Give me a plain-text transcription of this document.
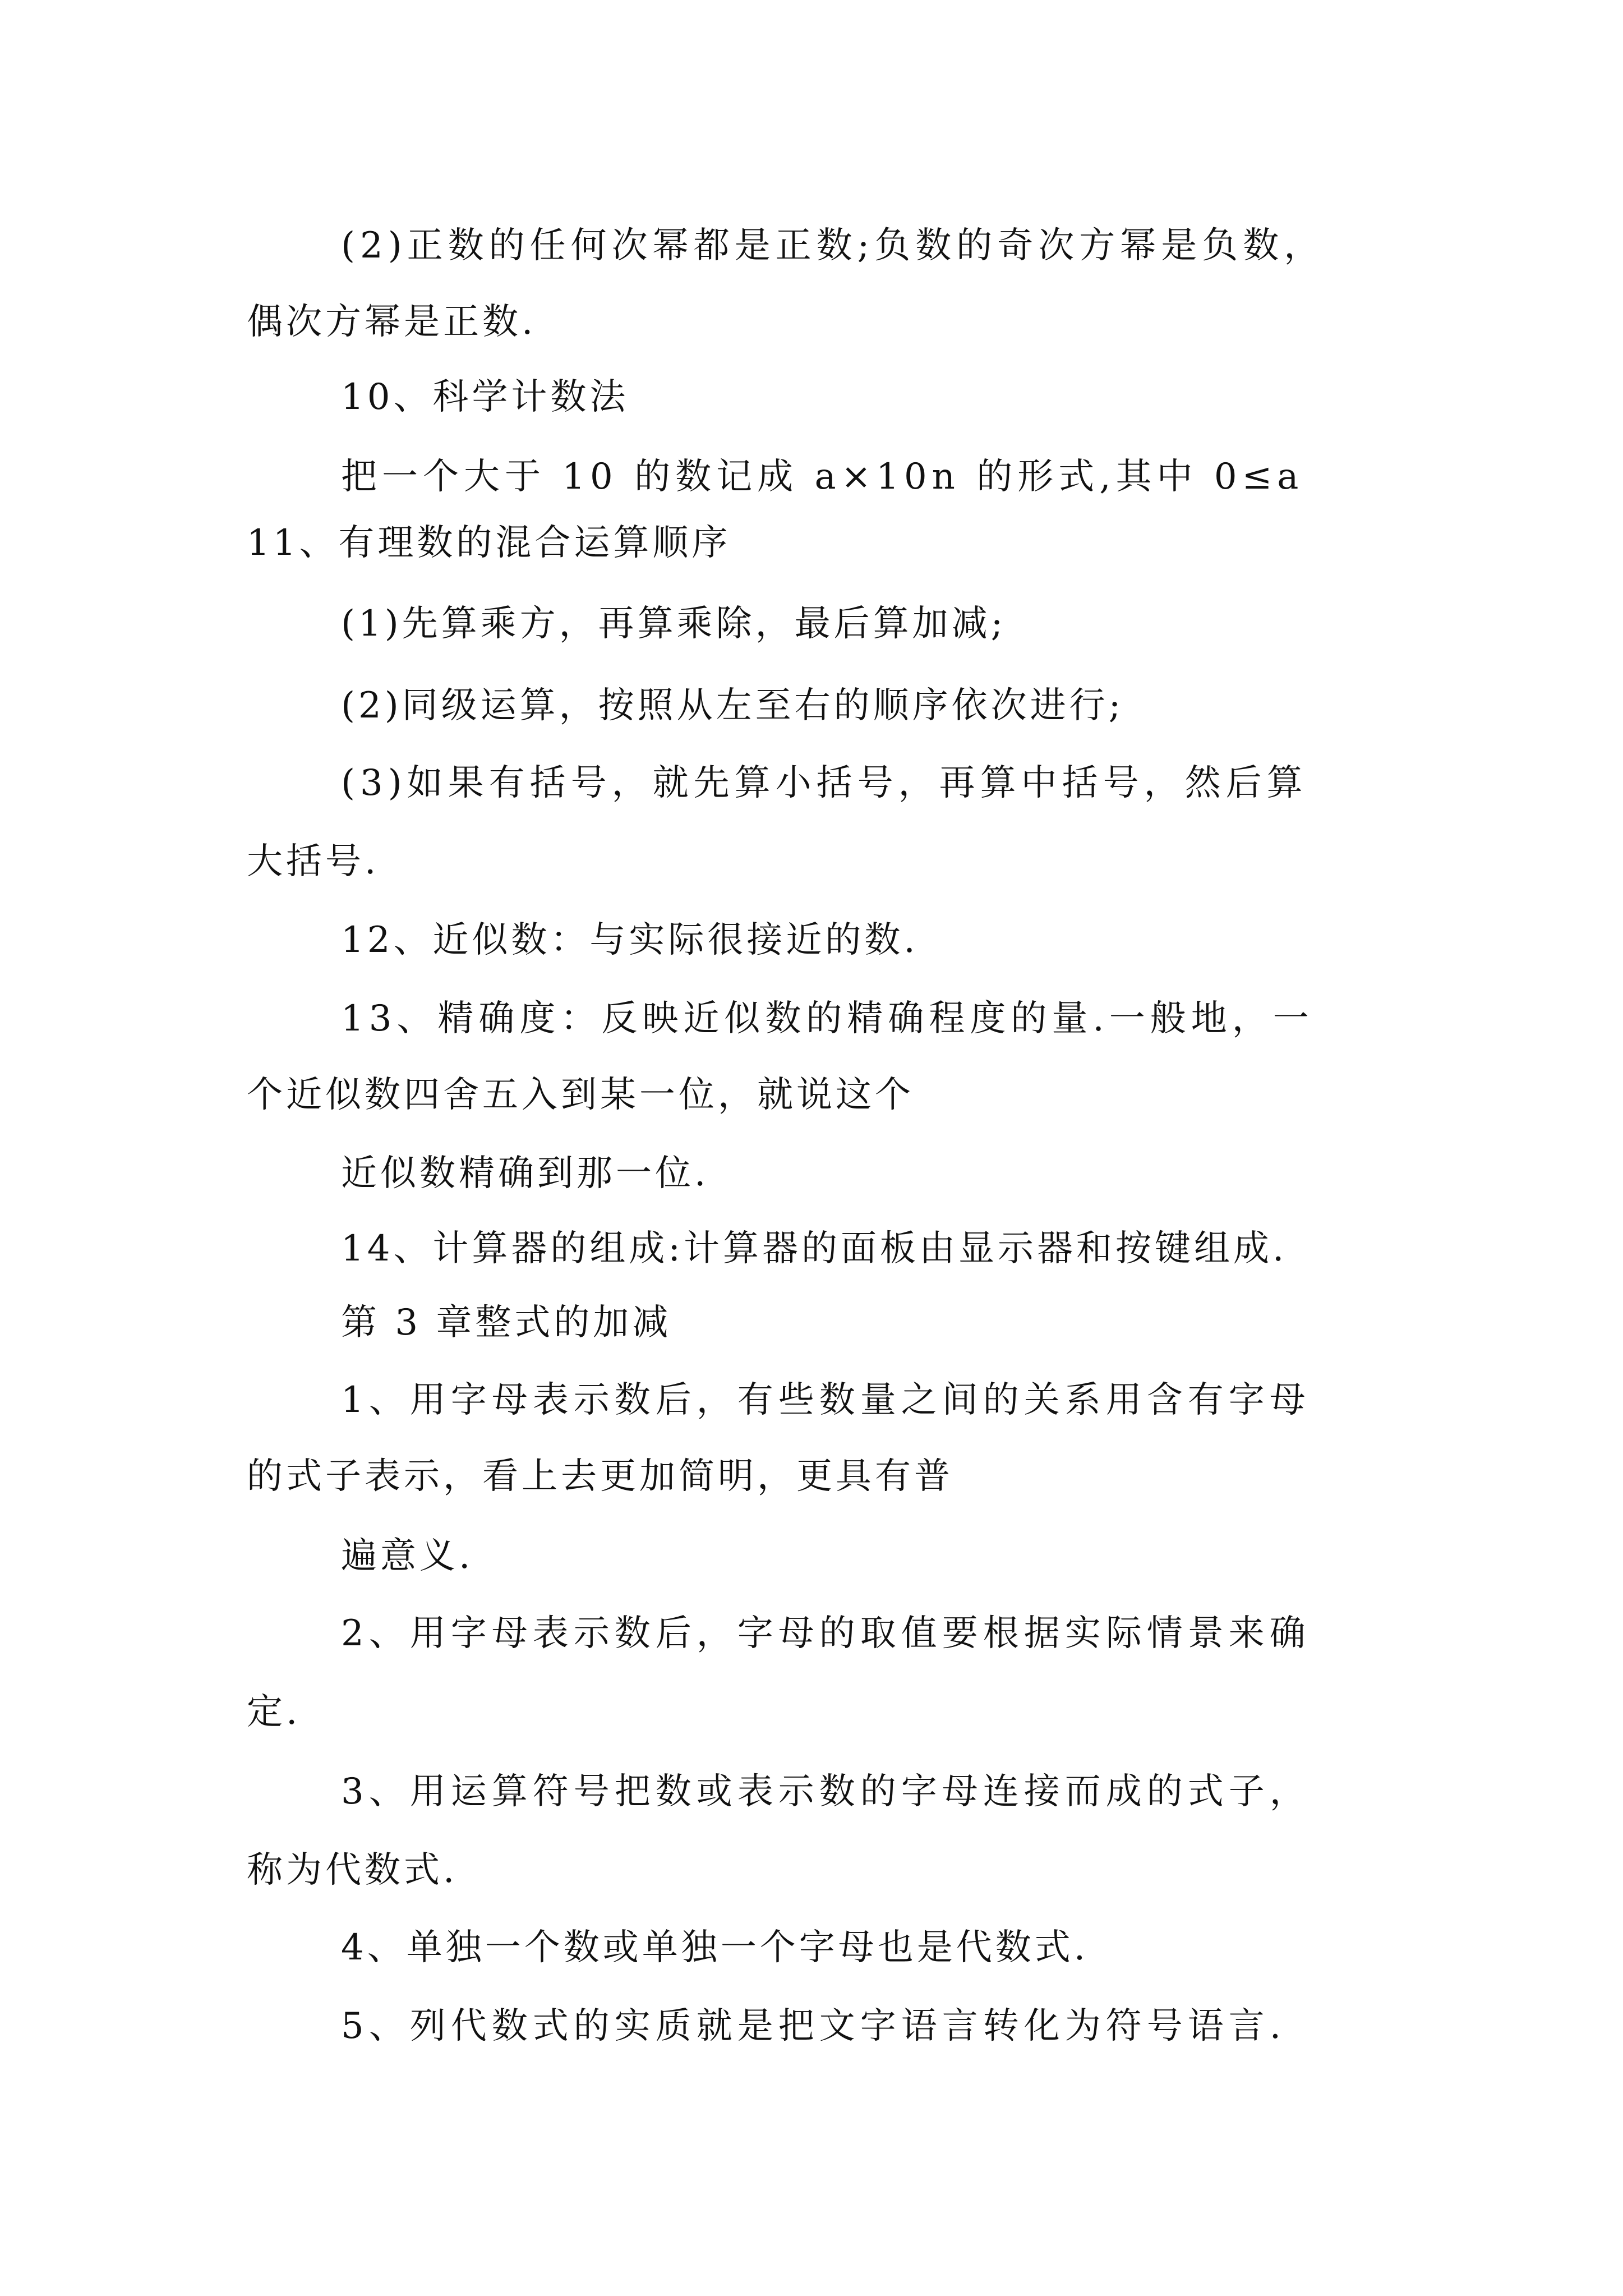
(2)正数的任何次幂都是正数;负数的奇次方幂是负数，
偶次方幂是正数.
10、科学计数法
把一个大于 10 的数记成 a×10n 的形式,其中 0≤a
11、有理数的混合运算顺序
(1)先算乘方，再算乘除，最后算加减;
(2)同级运算，按照从左至右的顺序依次进行;
(3)如果有括号，就先算小括号，再算中括号，然后算
大括号.
12、近似数：与实际很接近的数.
13、精确度：反映近似数的精确程度的量.一般地，一
个近似数四舍五入到某一位，就说这个
近似数精确到那一位.
14、计算器的组成:计算器的面板由显示器和按键组成.
第 3 章整式的加减
1、用字母表示数后，有些数量之间的关系用含有字母
的式子表示，看上去更加简明，更具有普
遍意义.
2、用字母表示数后，字母的取值要根据实际情景来确
定.
3、用运算符号把数或表示数的字母连接而成的式子，
称为代数式.
4、单独一个数或单独一个字母也是代数式.
5、列代数式的实质就是把文字语言转化为符号语言.
